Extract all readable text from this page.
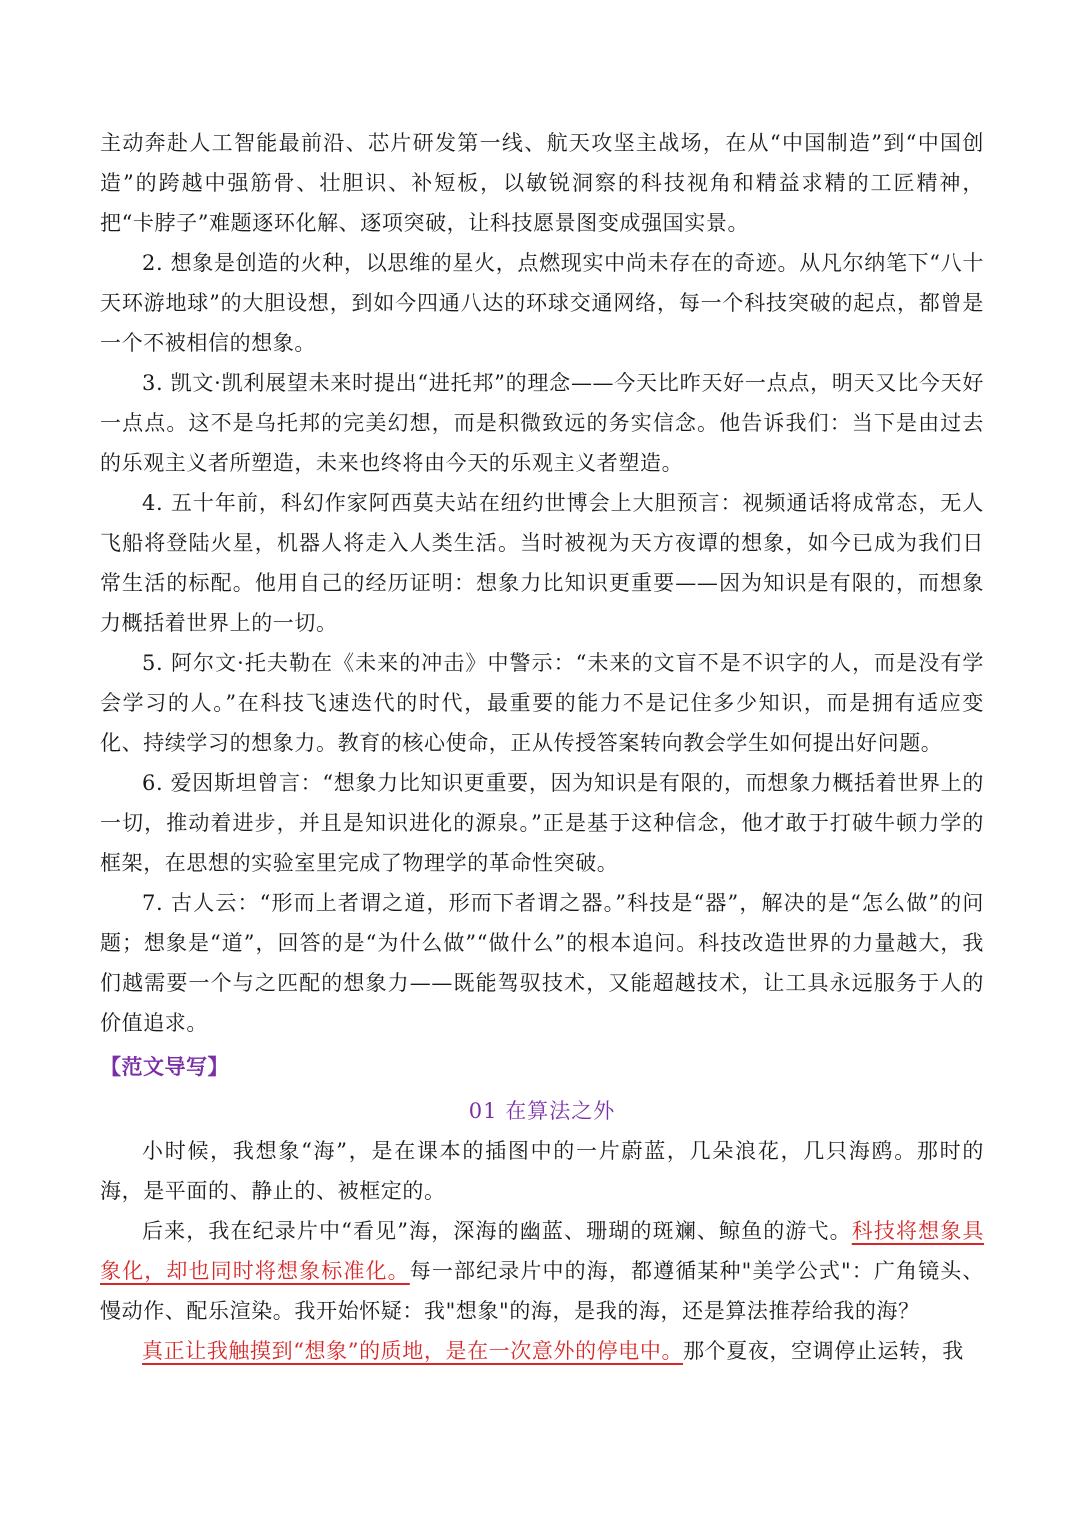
主动奔赴人工智能最前沿、芯片研发第一线、航天攻坚主战场，在从“中国制造”到“中国创造”的跨越中强筋骨、壮胆识、补短板，以敏锐洞察的科技视角和精益求精的工匠精神，把“卡脖子”难题逐环化解、逐项突破，让科技愿景图变成强国实景。

2. 想象是创造的火种，以思维的星火，点燃现实中尚未存在的奇迹。从凡尔纳笔下“八十天环游地球”的大胆设想，到如今四通八达的环球交通网络，每一个科技突破的起点，都曾是一个不被相信的想象。

3. 凯文·凯利展望未来时提出“进托邦”的理念——今天比昨天好一点点，明天又比今天好一点点。这不是乌托邦的完美幻想，而是积微致远的务实信念。他告诉我们：当下是由过去的乐观主义者所塑造，未来也终将由今天的乐观主义者塑造。

4. 五十年前，科幻作家阿西莫夫站在纽约世博会上大胆预言：视频通话将成常态，无人飞船将登陆火星，机器人将走入人类生活。当时被视为天方夜谭的想象，如今已成为我们日常生活的标配。他用自己的经历证明：想象力比知识更重要——因为知识是有限的，而想象力概括着世界上的一切。

5. 阿尔文·托夫勒在《未来的冲击》中警示：“未来的文盲不是不识字的人，而是没有学会学习的人。”在科技飞速迭代的时代，最重要的能力不是记住多少知识，而是拥有适应变化、持续学习的想象力。教育的核心使命，正从传授答案转向教会学生如何提出好问题。

6. 爱因斯坦曾言：“想象力比知识更重要，因为知识是有限的，而想象力概括着世界上的一切，推动着进步，并且是知识进化的源泉。”正是基于这种信念，他才敢于打破牛顿力学的框架，在思想的实验室里完成了物理学的革命性突破。

7. 古人云：“形而上者谓之道，形而下者谓之器。”科技是“器”，解决的是“怎么做”的问题；想象是“道”，回答的是“为什么做”“做什么”的根本追问。科技改造世界的力量越大，我们越需要一个与之匹配的想象力——既能驾驭技术，又能超越技术，让工具永远服务于人的价值追求。

【范文导写】

01 在算法之外

小时候，我想象“海”，是在课本的插图中的一片蔚蓝，几朵浪花，几只海鸥。那时的海，是平面的、静止的、被框定的。

后来，我在纪录片中“看见”海，深海的幽蓝、珊瑚的斑斓、鲸鱼的游弋。科技将想象具象化，却也同时将想象标准化。每一部纪录片中的海，都遵循某种"美学公式"：广角镜头、慢动作、配乐渲染。我开始怀疑：我"想象"的海，是我的海，还是算法推荐给我的海？

真正让我触摸到“想象”的质地，是在一次意外的停电中。那个夏夜，空调停止运转，我
